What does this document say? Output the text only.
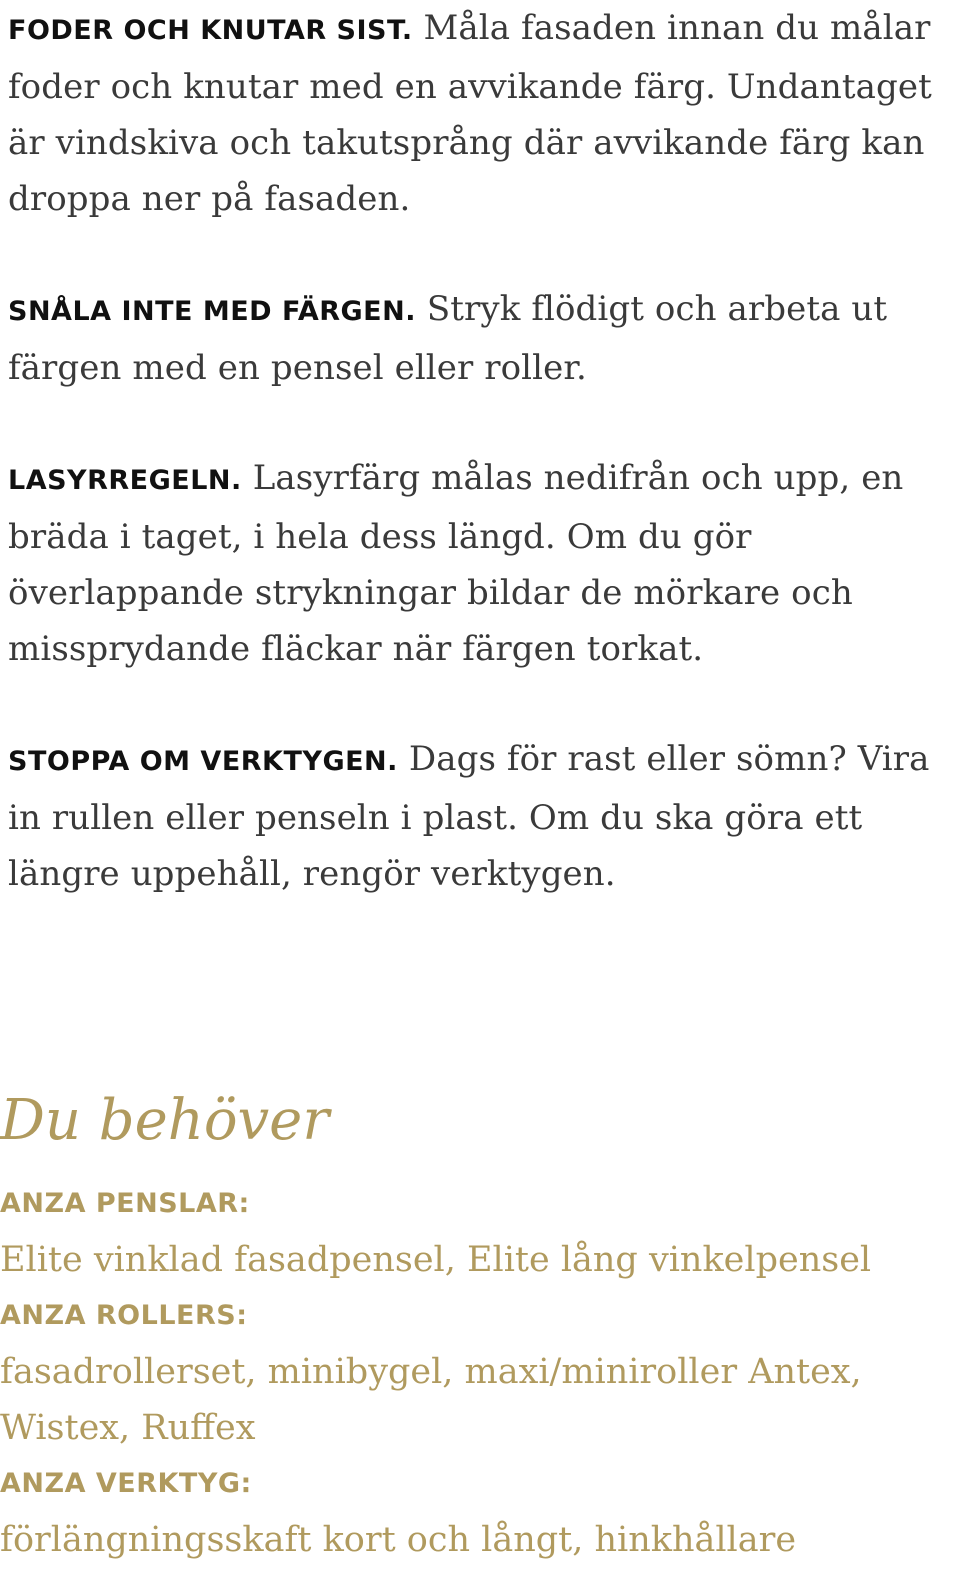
FODER OCH KNUTAR SIST. Måla fasaden innan du målar foder och knutar med en avvikande färg. Undantaget är vindskiva och takutsprång där avvikande färg kan droppa ner på fasaden.

SNÅLA INTE MED FÄRGEN. Stryk flödigt och arbeta ut färgen med en pensel eller roller.

LASYRREGELN. Lasyrfärg målas nedifrån och upp, en bräda i taget, i hela dess längd. Om du gör överlappande strykningar bildar de mörkare och missprydande fläckar när färgen torkat.

STOPPA OM VERKTYGEN. Dags för rast eller sömn? Vira in rullen eller penseln i plast. Om du ska göra ett längre uppehåll, rengör verktygen.

Du behöver

ANZA PENSLAR:

Elite vinklad fasadpensel, Elite lång vinkelpensel

ANZA ROLLERS:

fasadrollerset, minibygel, maxi/miniroller Antex, Wistex, Ruffex

ANZA VERKTYG:

förlängningsskaft kort och långt, hinkhållare
